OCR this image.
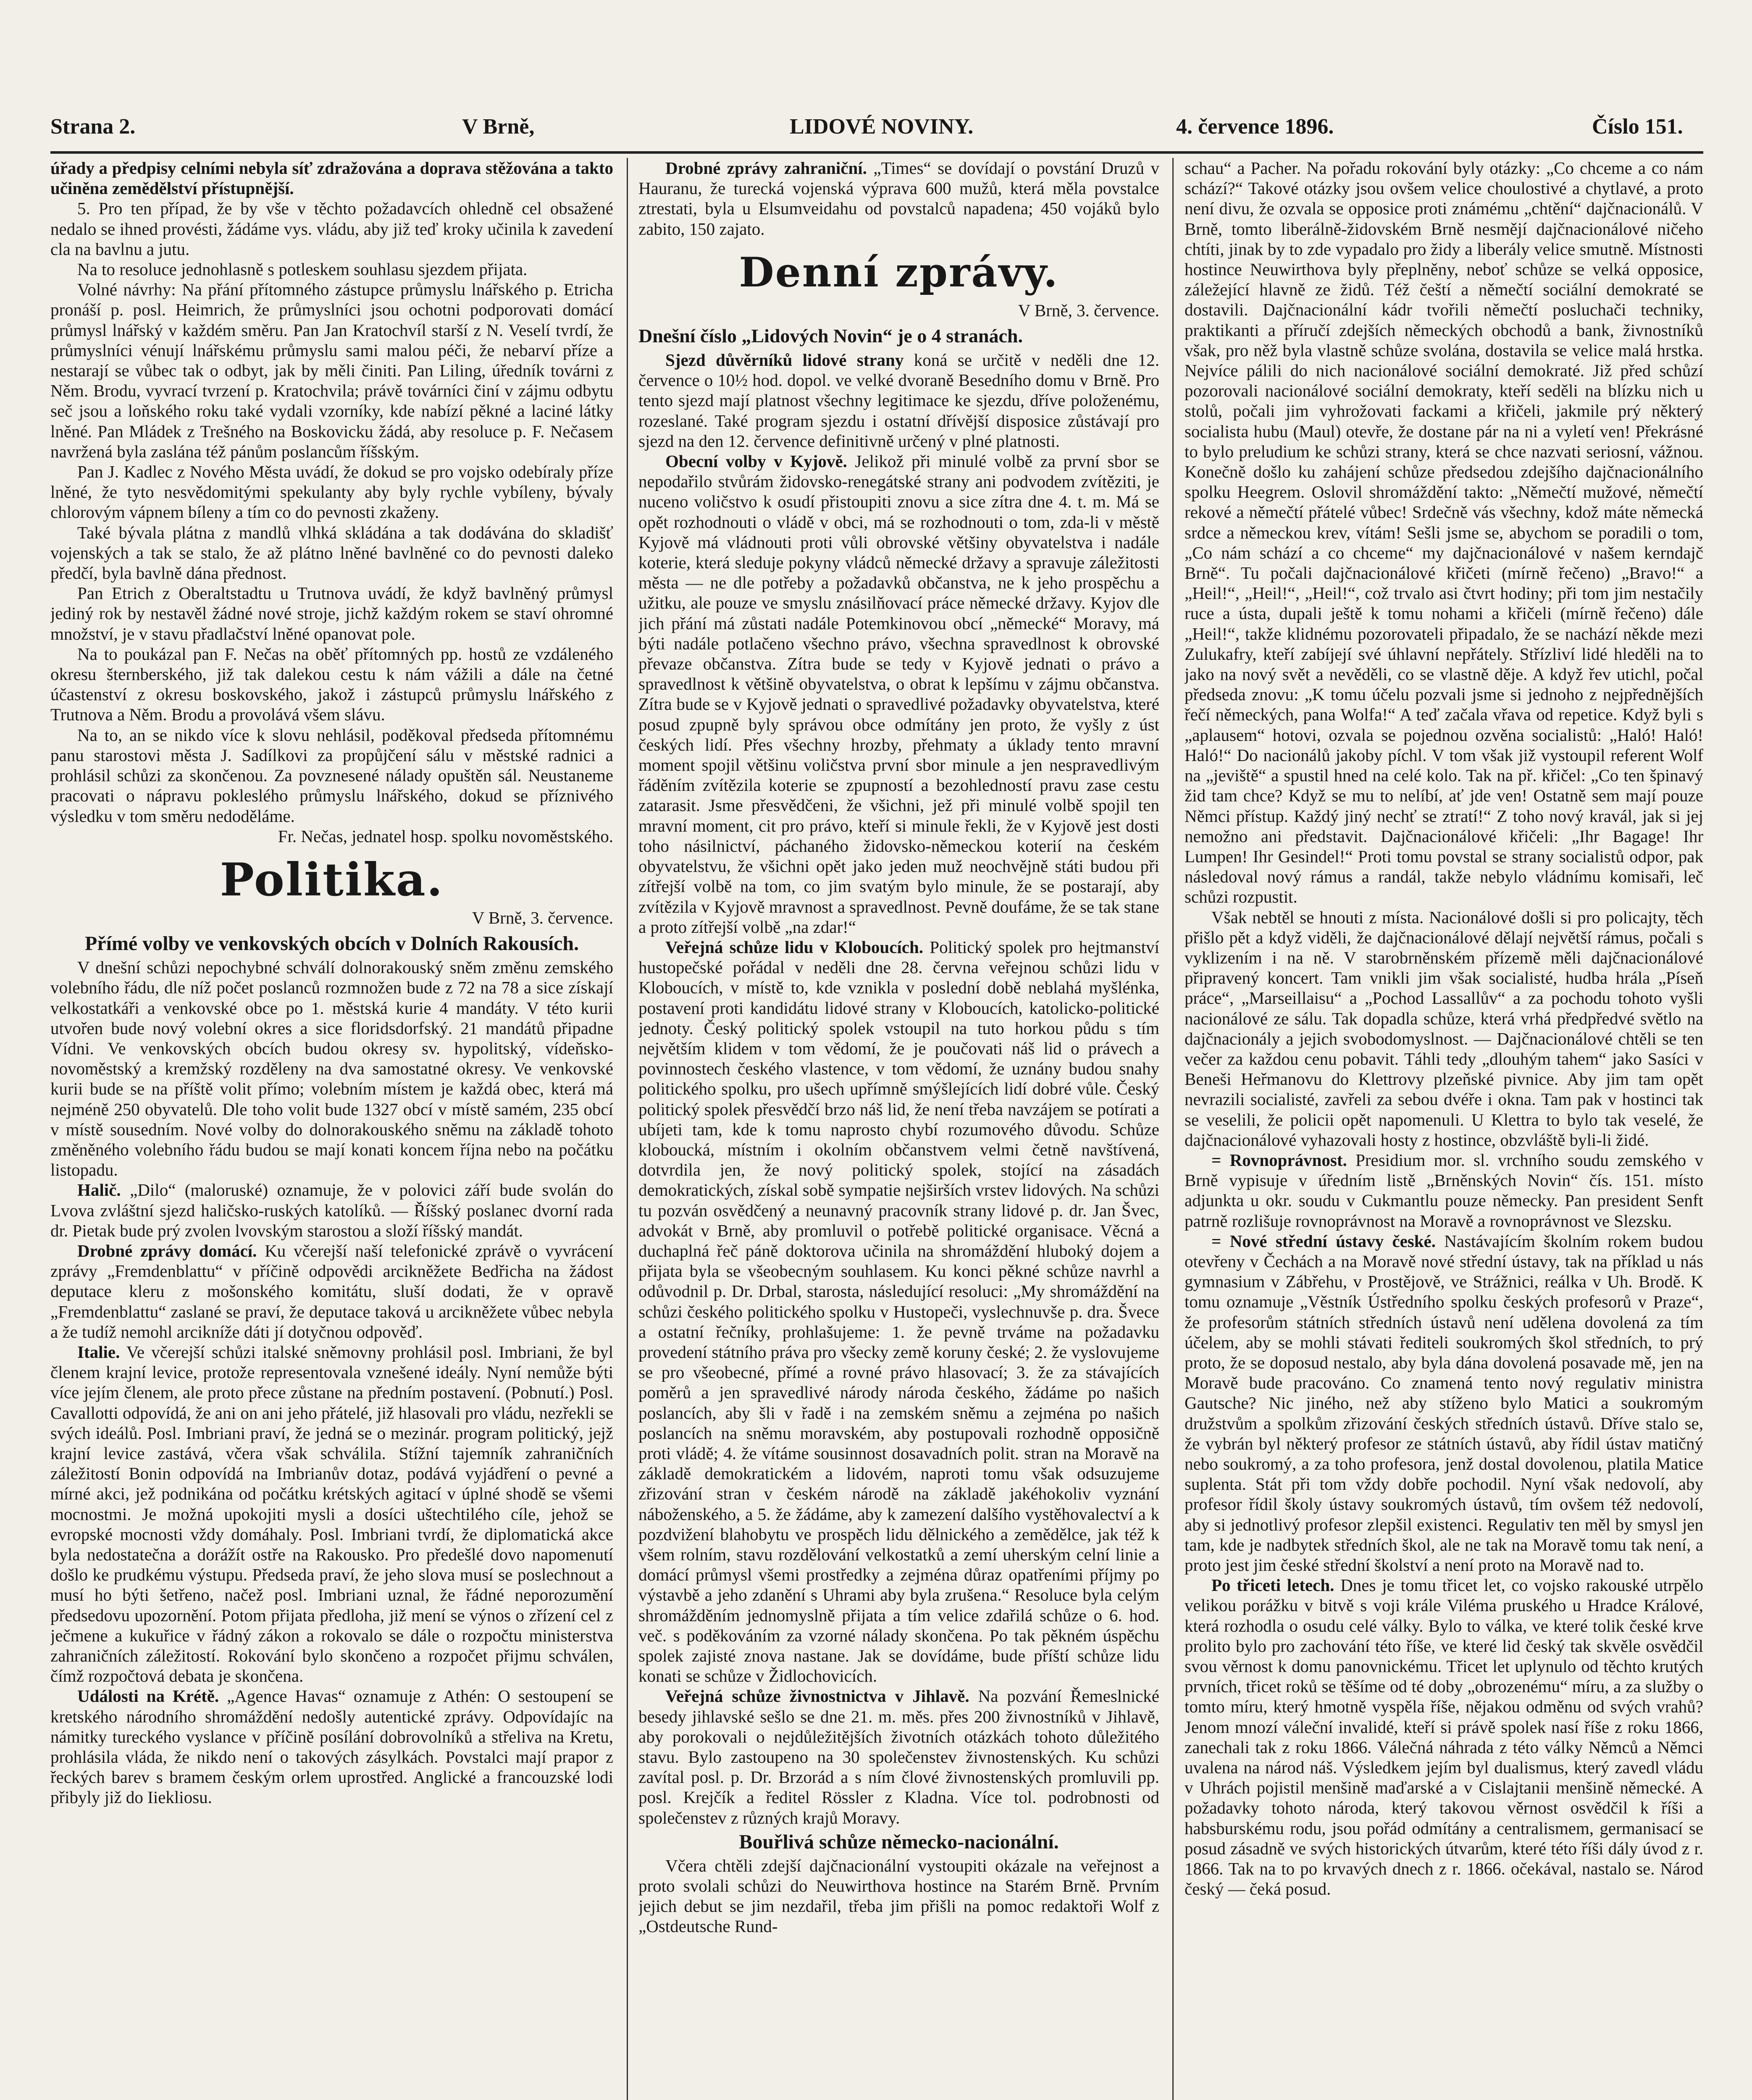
Strana 2.	V Brně,	LIDOVÉ NOVINY.	4. července 1896.	Číslo 151.

úřady a předpisy celními nebyla síť zdražována a doprava stěžována a takto učiněna zemědělství přístupnější.

5. Pro ten případ, že by vše v těchto požadavcích ohledně cel obsažené nedalo se ihned provésti, žádáme vys. vládu, aby již teď kroky učinila k zavedení cla na bavlnu a jutu.

Na to resoluce jednohlasně s potleskem souhlasu sjezdem přijata.

Volné návrhy: Na přání přítomného zástupce průmyslu lnářského p. Etricha pronáší p. posl. Heimrich, že průmyslníci jsou ochotni podporovati domácí průmysl lnářský v každém směru. Pan Jan Kratochvíl starší z N. Veselí tvrdí, že průmyslníci vénují lnářskému průmyslu sami malou péči, že nebarví příze a nestarají se vůbec tak o odbyt, jak by měli činiti. Pan Liling, úředník továrni z Něm. Brodu, vyvrací tvrzení p. Kratochvila; právě továrníci činí v zájmu odbytu seč jsou a loňského roku také vydali vzorníky, kde nabízí pěkné a laciné látky lněné. Pan Mládek z Trešného na Boskovicku žádá, aby resoluce p. F. Nečasem navržená byla zaslána též pánům poslancům říšským.

Pan J. Kadlec z Nového Města uvádí, že dokud se pro vojsko odebíraly příze lněné, že tyto nesvědomitými spekulanty aby byly rychle vybíleny, bývaly chlorovým vápnem bíleny a tím co do pevnosti zkaženy.

Také bývala plátna z mandlů vlhká skládána a tak dodávána do skladišť vojenských a tak se stalo, že až plátno lněné bavlněné co do pevnosti daleko předčí, byla bavlně dána přednost.

Pan Etrich z Oberaltstadtu u Trutnova uvádí, že když bavlněný průmysl jediný rok by nestavěl žádné nové stroje, jichž každým rokem se staví ohromné množství, je v stavu přadlačství lněné opanovat pole.

Na to poukázal pan F. Nečas na oběť přítomných pp. hostů ze vzdáleného okresu šternberského, již tak dalekou cestu k nám vážili a dále na četné účastenství z okresu boskovského, jakož i zástupců průmyslu lnářského z Trutnova a Něm. Brodu a provolává všem slávu.

Na to, an se nikdo více k slovu nehlásil, poděkoval předseda přítomnému panu starostovi města J. Sadílkovi za propůjčení sálu v městské radnici a prohlásil schůzi za skončenou. Za povznesené nálady opuštěn sál. Neustaneme pracovati o nápravu pokleslého průmyslu lnářského, dokud se příznivého výsledku v tom směru nedoděláme.

Fr. Nečas, jednatel hosp. spolku novoměstského.

Politika.

V Brně, 3. července.

Přímé volby ve venkovských obcích v Dolních Rakousích.

V dnešní schůzi nepochybné schválí dolnorakouský sněm změnu zemského volebního řádu, dle níž počet poslanců rozmnožen bude z 72 na 78 a sice získají velkostatkáři a venkovské obce po 1. městská kurie 4 mandáty. V této kurii utvořen bude nový volební okres a sice floridsdorfský. 21 mandátů připadne Vídni. Ve venkovských obcích budou okresy sv. hypolitský, vídeňsko-novoměstský a kremžský rozděleny na dva samostatné okresy. Ve venkovské kurii bude se na příště volit přímo; volebním místem je každá obec, která má nejméně 250 obyvatelů. Dle toho volit bude 1327 obcí v místě samém, 235 obcí v místě sousedním. Nové volby do dolnorakouského sněmu na základě tohoto změněného volebního řádu budou se mají konati koncem října nebo na počátku listopadu.

Halič. „Dilo“ (maloruské) oznamuje, že v polovici září bude svolán do Lvova zvláštní sjezd haličsko-ruských katolíků. — Říšský poslanec dvorní rada dr. Pietak bude prý zvolen lvovským starostou a složí říšský mandát.

Drobné zprávy domácí. Ku včerejší naší telefonické zprávě o vyvrácení zprávy „Fremdenblattu“ v příčině odpovědi arcikněžete Bedřicha na žádost deputace kleru z mošonského komitátu, sluší dodati, že v opravě „Fremdenblattu“ zaslané se praví, že deputace taková u arcikněžete vůbec nebyla a že tudíž nemohl arcikníže dáti jí dotyčnou odpověď.

Italie. Ve včerejší schůzi italské sněmovny prohlásil posl. Imbriani, že byl členem krajní levice, protože representovala vznešené ideály. Nyní nemůže býti více jejím členem, ale proto přece zůstane na předním postavení. (Pobnutí.) Posl. Cavallotti odpovídá, že ani on ani jeho přátelé, již hlasovali pro vládu, nezřekli se svých ideálů. Posl. Imbriani praví, že jedná se o mezinár. program politický, jejž krajní levice zastává, včera však schválila. Stížní tajemník zahraničních záležitostí Bonin odpovídá na Imbrianův dotaz, podává vyjádření o pevné a mírné akci, jež podnikána od počátku krétských agitací v úplné shodě se všemi mocnostmi. Je možná upokojiti mysli a dosíci uštechtilého cíle, jehož se evropské mocnosti vždy domáhaly. Posl. Imbriani tvrdí, že diplomatická akce byla nedostatečna a dorážít ostře na Rakousko. Pro předešlé dovo napomenutí došlo ke prudkému výstupu. Předseda praví, že jeho slova musí se poslechnout a musí ho býti šetřeno, načež posl. Imbriani uznal, že řádné neporozumění předsedovu upozornění. Potom přijata předloha, již mení se výnos o zřízení cel z ječmene a kukuřice v řádný zákon a rokovalo se dále o rozpočtu ministerstva zahraničních záležitostí. Rokování bylo skončeno a rozpočet přijmu schválen, čímž rozpočtová debata je skončena.

Události na Krétě. „Agence Havas“ oznamuje z Athén: O sestoupení se kretského národního shromáždění nedošly autentické zprávy. Odpovídajíc na námitky tureckého vyslance v příčině posílání dobrovolníků a střeliva na Kretu, prohlásila vláda, že nikdo není o takových zásylkách. Povstalci mají prapor z řeckých barev s bramem českým orlem uprostřed. Anglické a francouzské lodi přibyly již do Iiekliosu.

Drobné zprávy zahraniční. „Times“ se dovídají o povstání Druzů v Hauranu, že turecká vojenská výprava 600 mužů, která měla povstalce ztrestati, byla u Elsumveidahu od povstalců napadena; 450 vojáků bylo zabito, 150 zajato.

Denní zprávy.

V Brně, 3. července.

Dnešní číslo „Lidových Novin“ je o 4 stranách.

Sjezd důvěrníků lidové strany koná se určitě v neděli dne 12. července o 10½ hod. dopol. ve velké dvoraně Besedního domu v Brně. Pro tento sjezd mají platnost všechny legitimace ke sjezdu, dříve položenému, rozeslané. Také program sjezdu i ostatní dřívější disposice zůstávají pro sjezd na den 12. července definitivně určený v plné platnosti.

Obecní volby v Kyjově. Jelikož při minulé volbě za první sbor se nepodařilo stvůrám židovsko-renegátské strany ani podvodem zvítěziti, je nuceno voličstvo k osudí přistoupiti znovu a sice zítra dne 4. t. m. Má se opět rozhodnouti o vládě v obci, má se rozhodnouti o tom, zda-li v městě Kyjově má vládnouti proti vůli obrovské většiny obyvatelstva i nadále koterie, která sleduje pokyny vládců německé državy a spravuje záležitosti města — ne dle potřeby a požadavků občanstva, ne k jeho prospěchu a užitku, ale pouze ve smyslu znásilňovací práce německé državy. Kyjov dle jich přání má zůstati nadále Potemkinovou obcí „německé“ Moravy, má býti nadále potlačeno všechno právo, všechna spravedlnost k obrovské převaze občanstva. Zítra bude se tedy v Kyjově jednati o právo a spravedlnost k většině obyvatelstva, o obrat k lepšímu v zájmu občanstva. Zítra bude se v Kyjově jednati o spravedlivé požadavky obyvatelstva, které posud zpupně byly správou obce odmítány jen proto, že vyšly z úst českých lidí. Přes všechny hrozby, přehmaty a úklady tento mravní moment spojil většinu voličstva první sbor minule a jen nespravedlivým řáděním zvítězila koterie se zpupností a bezohledností pravu zase cestu zatarasit. Jsme přesvědčeni, že všichni, jež při minulé volbě spojil ten mravní moment, cit pro právo, kteří si minule řekli, že v Kyjově jest dosti toho násilnictví, páchaného židovsko-německou koterií na českém obyvatelstvu, že všichni opět jako jeden muž neochvějně státi budou při zítřejší volbě na tom, co jim svatým bylo minule, že se postarají, aby zvítězila v Kyjově mravnost a spravedlnost. Pevně doufáme, že se tak stane a proto zítřejší volbě „na zdar!“

Veřejná schůze lidu v Kloboucích. Politický spolek pro hejtmanství hustopečské pořádal v neděli dne 28. června veřejnou schůzi lidu v Kloboucích, v místě to, kde vznikla v poslední době neblahá myšlénka, postavení proti kandidátu lidové strany v Kloboucích, katolicko-politické jednoty. Český politický spolek vstoupil na tuto horkou půdu s tím největším klidem v tom vědomí, že je poučovati náš lid o právech a povinnostech českého vlastence, v tom vědomí, že uznány budou snahy politického spolku, pro ušech upřímně smýšlejících lidí dobré vůle. Český politický spolek přesvědčí brzo náš lid, že není třeba navzájem se potírati a ubíjeti tam, kde k tomu naprosto chybí rozumového důvodu. Schůze kloboucká, místním i okolním občanstvem velmi četně navštívená, dotvrdila jen, že nový politický spolek, stojící na zásadách demokratických, získal sobě sympatie nejširších vrstev lidových. Na schůzi tu pozván osvědčený a neunavný pracovník strany lidové p. dr. Jan Švec, advokát v Brně, aby promluvil o potřebě politické organisace. Věcná a duchaplná řeč páně doktorova učinila na shromáždění hluboký dojem a přijata byla se všeobecným souhlasem. Ku konci pěkné schůze navrhl a odůvodnil p. Dr. Drbal, starosta, následující resoluci: „My shromáždění na schůzi českého politického spolku v Hustopeči, vyslechnuvše p. dra. Švece a ostatní řečníky, prohlašujeme: 1. že pevně trváme na požadavku provedení státního práva pro všecky země koruny české; 2. že vyslovujeme se pro všeobecné, přímé a rovné právo hlasovací; 3. že za stávajících poměrů a jen spravedlivé národy národa českého, žádáme po našich poslancích, aby šli v řadě i na zemském sněmu a zejména po našich poslancích na sněmu moravském, aby postupovali rozhodně opposičně proti vládě; 4. že vítáme sousinnost dosavadních polit. stran na Moravě na základě demokratickém a lidovém, naproti tomu však odsuzujeme zřizování stran v českém národě na základě jakéhokoliv vyznání náboženského, a 5. že žádáme, aby k zamezení dalšího vystěhovalectví a k pozdvižení blahobytu ve prospěch lidu dělnického a zemědělce, jak též k všem rolním, stavu rozdělování velkostatků a zemí uherským celní linie a domácí průmysl všemi prostředky a zejména důraz opatřeními příjmy po výstavbě a jeho zdanění s Uhrami aby byla zrušena.“ Resoluce byla celým shromážděním jednomyslně přijata a tím velice zdařilá schůze o 6. hod. več. s poděkováním za vzorné nálady skončena. Po tak pěkném úspěchu spolek zajisté znova nastane. Jak se dovídáme, bude příští schůze lidu konati se schůze v Židlochovicích.

Veřejná schůze živnostnictva v Jihlavě. Na pozvání Řemeslnické besedy jihlavské sešlo se dne 21. m. měs. přes 200 živnostníků v Jihlavě, aby porokovali o nejdůležitějších životních otázkách tohoto důležitého stavu. Bylo zastoupeno na 30 společenstev živnostenských. Ku schůzi zavítal posl. p. Dr. Brzorád a s ním člové živnostenských promluvili pp. posl. Krejčík a ředitel Rössler z Kladna. Více tol. podrobnosti od společenstev z různých krajů Moravy.

Bouřlivá schůze německo-nacionální.

Včera chtěli zdejší dajčnacionální vystoupiti okázale na veřejnost a proto svolali schůzi do Neuwirthova hostince na Starém Brně. Prvním jejich debut se jim nezdařil, třeba jim přišli na pomoc redaktoři Wolf z „Ostdeutsche Rund-

schau“ a Pacher. Na pořadu rokování byly otázky: „Co chceme a co nám schází?“ Takové otázky jsou ovšem velice choulostivé a chytlavé, a proto není divu, že ozvala se opposice proti známému „chtění“ dajčnacionálů. V Brně, tomto liberálně-židovském Brně nesmějí dajčnacionálové ničeho chtíti, jinak by to zde vypadalo pro židy a liberály velice smutně. Místnosti hostince Neuwirthova byly přeplněny, neboť schůze se velká opposice, záležející hlavně ze židů. Též čeští a němečtí sociální demokraté se dostavili. Dajčnacionální kádr tvořili němečtí posluchači techniky, praktikanti a příručí zdejších německých obchodů a bank, živnostníků však, pro něž byla vlastně schůze svolána, dostavila se velice malá hrstka. Nejvíce pálili do nich nacionálové sociální demokraté. Již před schůzí pozorovali nacionálové sociální demokraty, kteří seděli na blízku nich u stolů, počali jim vyhrožovati fackami a křičeli, jakmile prý některý socialista hubu (Maul) otevře, že dostane pár na ni a vyletí ven! Překrásné to bylo preludium ke schůzi strany, která se chce nazvati seriosní, vážnou. Konečně došlo ku zahájení schůze předsedou zdejšího dajčnacionálního spolku Heegrem. Oslovil shromáždění takto: „Němečtí mužové, němečtí rekové a němečtí přátelé vůbec! Srdečně vás všechny, kdož máte německá srdce a německou krev, vítám! Sešli jsme se, abychom se poradili o tom, „Co nám schází a co chceme“ my dajčnacionálové v našem kerndajč Brně“. Tu počali dajčnacionálové křičeti (mírně řečeno) „Bravo!“ a „Heil!“, „Heil!“, „Heil!“, což trvalo asi čtvrt hodiny; při tom jim nestačily ruce a ústa, dupali ještě k tomu nohami a křičeli (mírně řečeno) dále „Heil!“, takže klidnému pozorovateli připadalo, že se nachází někde mezi Zulukafry, kteří zabíjejí své úhlavní nepřátely. Střízliví lidé hleděli na to jako na nový svět a nevěděli, co se vlastně děje. A když řev utichl, počal předseda znovu: „K tomu účelu pozvali jsme si jednoho z nejpřednějších řečí německých, pana Wolfa!“ A teď začala vřava od repetice. Když byli s „aplausem“ hotovi, ozvala se pojednou ozvěna socialistů: „Haló! Haló! Haló!“ Do nacionálů jakoby píchl. V tom však již vystoupil referent Wolf na „jeviště“ a spustil hned na celé kolo. Tak na př. křičel: „Co ten špinavý žid tam chce? Když se mu to nelíbí, ať jde ven! Ostatně sem mají pouze Němci přístup. Každý jiný nechť se ztratí!“ Z toho nový kravál, jak si jej nemožno ani představit. Dajčnacionálové křičeli: „Ihr Bagage! Ihr Lumpen! Ihr Gesindel!“ Proti tomu povstal se strany socialistů odpor, pak následoval nový rámus a randál, takže nebylo vládnímu komisaři, leč schůzi rozpustit.

Však nebtěl se hnouti z místa. Nacionálové došli si pro policajty, těch přišlo pět a když viděli, že dajčnacionálové dělají největší rámus, počali s vyklizením i na ně. V starobrněnském přízemě měli dajčnacionálové připravený koncert. Tam vnikli jim však socialisté, hudba hrála „Píseň práce“, „Marseillaisu“ a „Pochod Lassallův“ a za pochodu tohoto vyšli nacionálové ze sálu. Tak dopadla schůze, která vrhá předpředvé světlo na dajčnacionály a jejich svobodomyslnost. — Dajčnacionálové chtěli se ten večer za každou cenu pobavit. Táhli tedy „dlouhým tahem“ jako Sasíci v Beneši Heřmanovu do Klettrovy plzeňské pivnice. Aby jim tam opět nevrazili socialisté, zavřeli za sebou dvéře i okna. Tam pak v hostinci tak se veselili, že policii opět napomenuli. U Klettra to bylo tak veselé, že dajčnacionálové vyhazovali hosty z hostince, obzvláště byli-li židé.

= Rovnoprávnost. Presidium mor. sl. vrchního soudu zemského v Brně vypisuje v úředním listě „Brněnských Novin“ čís. 151. místo adjunkta u okr. soudu v Cukmantlu pouze německy. Pan president Senft patrně rozlišuje rovnoprávnost na Moravě a rovnoprávnost ve Slezsku.

= Nové střední ústavy české. Nastávajícím školním rokem budou otevřeny v Čechách a na Moravě nové střední ústavy, tak na příklad u nás gymnasium v Zábřehu, v Prostějově, ve Strážnici, reálka v Uh. Brodě. K tomu oznamuje „Věstník Ústředního spolku českých profesorů v Praze“, že profesorům státních středních ústavů není udělena dovolená za tím účelem, aby se mohli stávati řediteli soukromých škol středních, to prý proto, že se doposud nestalo, aby byla dána dovolená posavade mě, jen na Moravě bude pracováno. Co znamená tento nový regulativ ministra Gautsche? Nic jiného, než aby stíženo bylo Matici a soukromým družstvům a spolkům zřizování českých středních ústavů. Dříve stalo se, že vybrán byl některý profesor ze státních ústavů, aby řídil ústav matičný nebo soukromý, a za toho profesora, jenž dostal dovolenou, platila Matice suplenta. Stát při tom vždy dobře pochodil. Nyní však nedovolí, aby profesor řídil školy ústavy soukromých ústavů, tím ovšem též nedovolí, aby si jednotlivý profesor zlepšil existenci. Regulativ ten měl by smysl jen tam, kde je nadbytek středních škol, ale ne tak na Moravě tomu tak není, a proto jest jim české střední školství a není proto na Moravě nad to.

Po třiceti letech. Dnes je tomu třicet let, co vojsko rakouské utrpělo velikou porážku v bitvě s voji krále Viléma pruského u Hradce Králové, která rozhodla o osudu celé války. Bylo to válka, ve které tolik české krve prolito bylo pro zachování této říše, ve které lid český tak skvěle osvědčil svou věrnost k domu panovnickému. Třicet let uplynulo od těchto krutých prvních, třicet roků se těšíme od té doby „obrozenému“ míru, a za služby o tomto míru, který hmotně vyspěla říše, nějakou odměnu od svých vrahů? Jenom mnozí váleční invalidé, kteří si právě spolek nasí říše z roku 1866, zanechali tak z roku 1866. Válečná náhrada z této války Němců a Němci uvalena na národ náš. Výsledkem jejím byl dualismus, který zavedl vládu v Uhrách pojistil menšině maďarské a v Cislajtanii menšině německé. A požadavky tohoto národa, který takovou věrnost osvědčil k říši a habsburskému rodu, jsou pořád odmítány a centralismem, germanisací se posud zásadně ve svých historických útvarům, které této říši dály úvod z r. 1866. Tak na to po krvavých dnech z r. 1866. očekával, nastalo se. Národ český — čeká posud.
